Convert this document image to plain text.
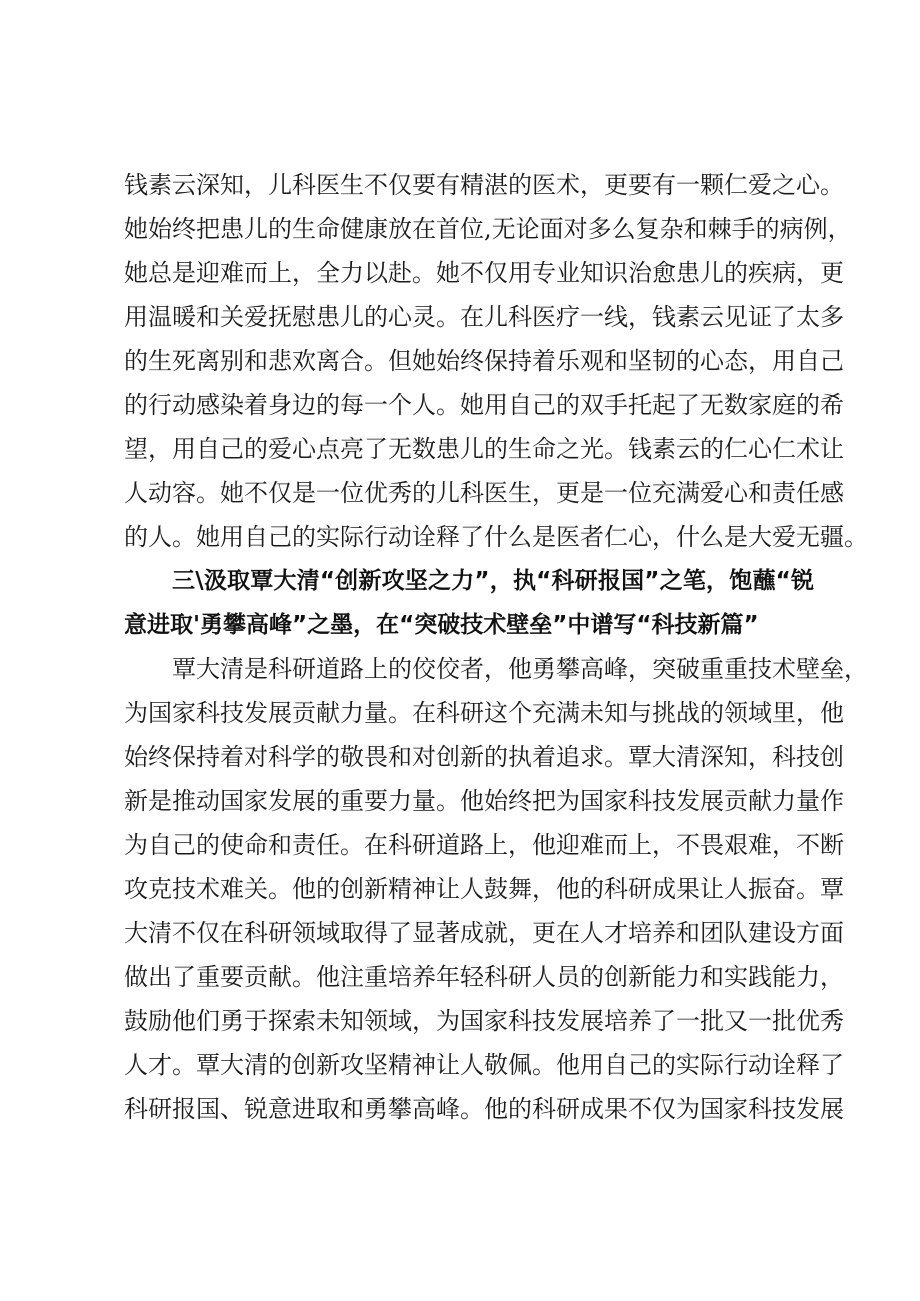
钱素云深知，儿科医生不仅要有精湛的医术，更要有一颗仁爱之心。
她始终把患儿的生命健康放在首位,无论面对多么复杂和棘手的病例，
她总是迎难而上，全力以赴。她不仅用专业知识治愈患儿的疾病，更
用温暖和关爱抚慰患儿的心灵。在儿科医疗一线，钱素云见证了太多
的生死离别和悲欢离合。但她始终保持着乐观和坚韧的心态，用自己
的行动感染着身边的每一个人。她用自己的双手托起了无数家庭的希
望，用自己的爱心点亮了无数患儿的生命之光。钱素云的仁心仁术让
人动容。她不仅是一位优秀的儿科医生，更是一位充满爱心和责任感
的人。她用自己的实际行动诠释了什么是医者仁心，什么是大爱无疆。
三\汲取覃大清“创新攻坚之力”，执“科研报国”之笔，饱蘸“锐
意进取'勇攀高峰”之墨，在“突破技术壁垒”中谱写“科技新篇”
覃大清是科研道路上的佼佼者，他勇攀高峰，突破重重技术壁垒，
为国家科技发展贡献力量。在科研这个充满未知与挑战的领域里，他
始终保持着对科学的敬畏和对创新的执着追求。覃大清深知，科技创
新是推动国家发展的重要力量。他始终把为国家科技发展贡献力量作
为自己的使命和责任。在科研道路上，他迎难而上，不畏艰难，不断
攻克技术难关。他的创新精神让人鼓舞，他的科研成果让人振奋。覃
大清不仅在科研领域取得了显著成就，更在人才培养和团队建设方面
做出了重要贡献。他注重培养年轻科研人员的创新能力和实践能力，
鼓励他们勇于探索未知领域，为国家科技发展培养了一批又一批优秀
人才。覃大清的创新攻坚精神让人敬佩。他用自己的实际行动诠释了
科研报国、锐意进取和勇攀高峰。他的科研成果不仅为国家科技发展
